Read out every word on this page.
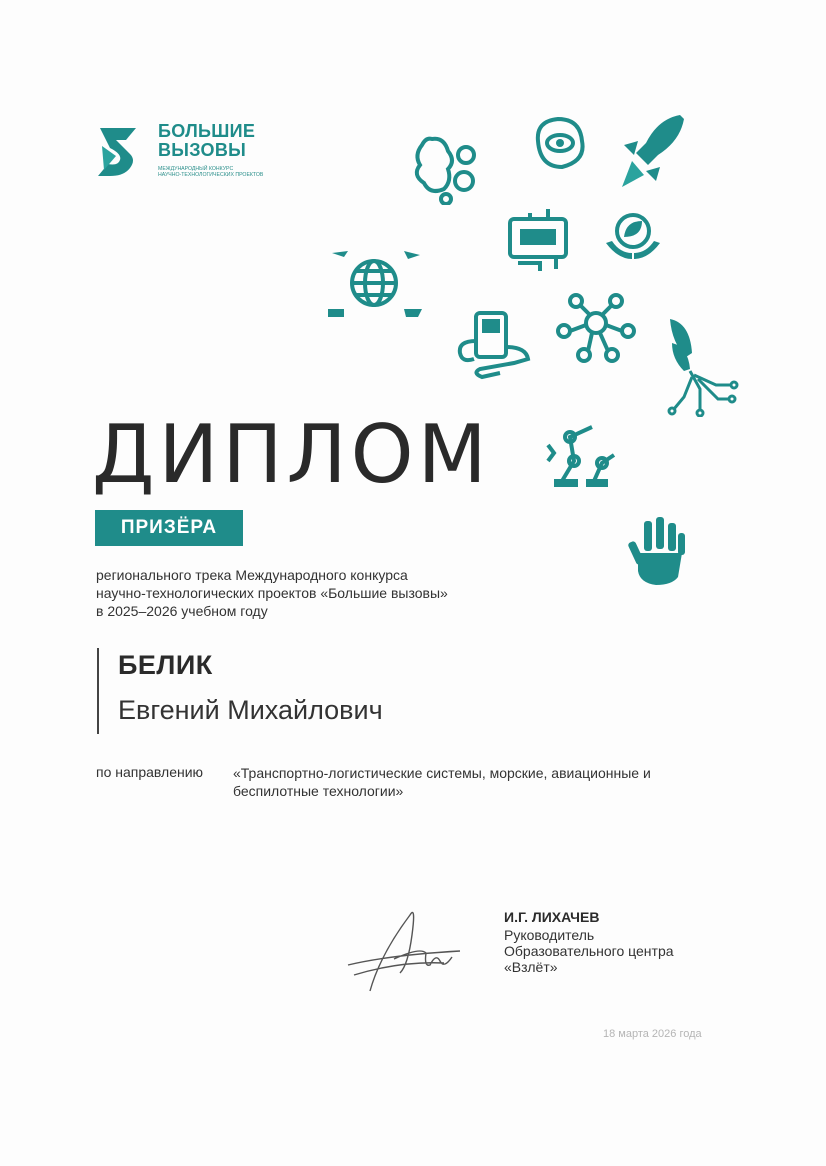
БОЛЬШИЕ
ВЫЗОВЫ
МЕЖДУНАРОДНЫЙ КОНКУРС
НАУЧНО-ТЕХНОЛОГИЧЕСКИХ ПРОЕКТОВ
ДИПЛОМ
ПРИЗЁРА
регионального трека Международного конкурса
научно-технологических проектов «Большие вызовы»
в 2025–2026 учебном году
БЕЛИК
Евгений Михайлович
по направлению «Транспортно-логистические системы, морские, авиационные и
беспилотные технологии»
И.Г. ЛИХАЧЕВ
Руководитель
Образовательного центра
«Взлёт»
18 марта 2026 года
